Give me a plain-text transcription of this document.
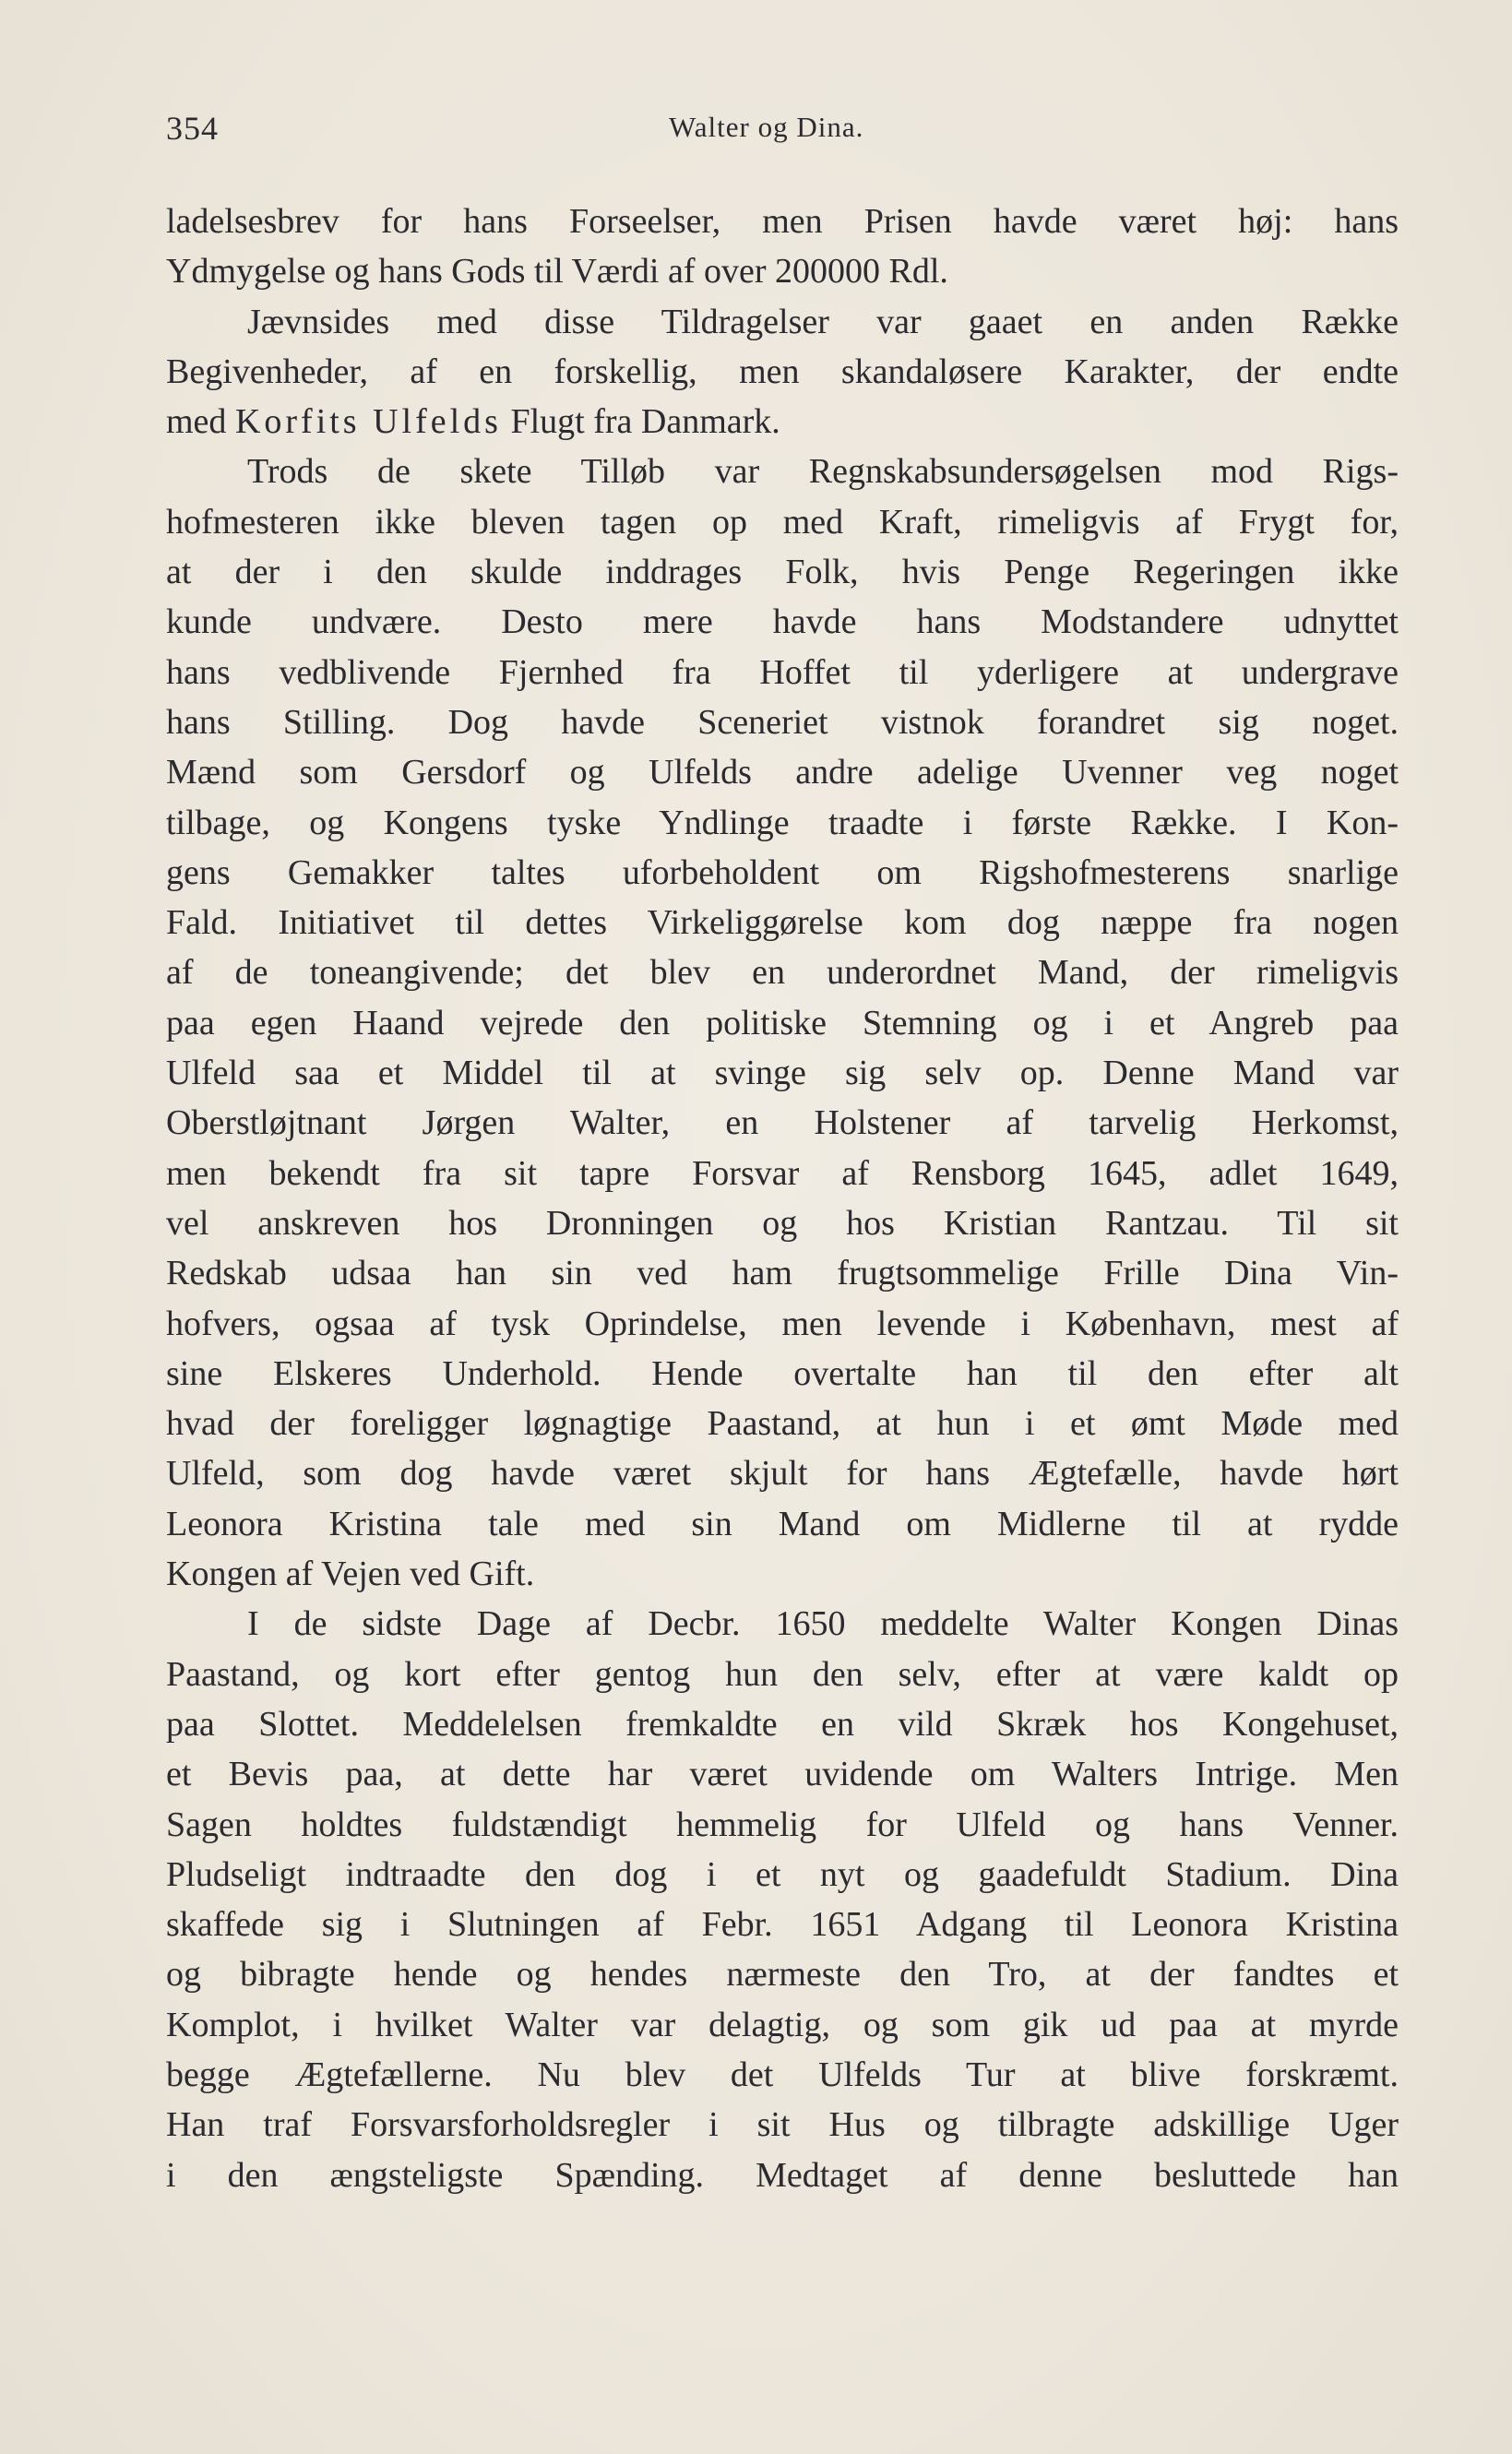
354	Walter og Dina.
ladelsesbrev for hans Forseelser, men Prisen havde været høj: hans
Ydmygelse og hans Gods til Værdi af over 200000 Rdl.
Jævnsides med disse Tildragelser var gaaet en anden Række
Begivenheder, af en forskellig, men skandaløsere Karakter, der endte
med Korfits Ulfelds Flugt fra Danmark.
Trods de skete Tilløb var Regnskabsundersøgelsen mod Rigs-
hofmesteren ikke bleven tagen op med Kraft, rimeligvis af Frygt for,
at der i den skulde inddrages Folk, hvis Penge Regeringen ikke
kunde undvære. Desto mere havde hans Modstandere udnyttet
hans vedblivende Fjernhed fra Hoffet til yderligere at undergrave
hans Stilling. Dog havde Sceneriet vistnok forandret sig noget.
Mænd som Gersdorf og Ulfelds andre adelige Uvenner veg noget
tilbage, og Kongens tyske Yndlinge traadte i første Række. I Kon-
gens Gemakker taltes uforbeholdent om Rigshofmesterens snarlige
Fald. Initiativet til dettes Virkeliggørelse kom dog næppe fra nogen
af de toneangivende; det blev en underordnet Mand, der rimeligvis
paa egen Haand vejrede den politiske Stemning og i et Angreb paa
Ulfeld saa et Middel til at svinge sig selv op. Denne Mand var
Oberstløjtnant Jørgen Walter, en Holstener af tarvelig Herkomst,
men bekendt fra sit tapre Forsvar af Rensborg 1645, adlet 1649,
vel anskreven hos Dronningen og hos Kristian Rantzau. Til sit
Redskab udsaa han sin ved ham frugtsommelige Frille Dina Vin-
hofvers, ogsaa af tysk Oprindelse, men levende i København, mest af
sine Elskeres Underhold. Hende overtalte han til den efter alt
hvad der foreligger løgnagtige Paastand, at hun i et ømt Møde med
Ulfeld, som dog havde været skjult for hans Ægtefælle, havde hørt
Leonora Kristina tale med sin Mand om Midlerne til at rydde
Kongen af Vejen ved Gift.
I de sidste Dage af Decbr. 1650 meddelte Walter Kongen Dinas
Paastand, og kort efter gentog hun den selv, efter at være kaldt op
paa Slottet. Meddelelsen fremkaldte en vild Skræk hos Kongehuset,
et Bevis paa, at dette har været uvidende om Walters Intrige. Men
Sagen holdtes fuldstændigt hemmelig for Ulfeld og hans Venner.
Pludseligt indtraadte den dog i et nyt og gaadefuldt Stadium. Dina
skaffede sig i Slutningen af Febr. 1651 Adgang til Leonora Kristina
og bibragte hende og hendes nærmeste den Tro, at der fandtes et
Komplot, i hvilket Walter var delagtig, og som gik ud paa at myrde
begge Ægtefællerne. Nu blev det Ulfelds Tur at blive forskræmt.
Han traf Forsvarsforholdsregler i sit Hus og tilbragte adskillige Uger
i den ængsteligste Spænding. Medtaget af denne besluttede han
